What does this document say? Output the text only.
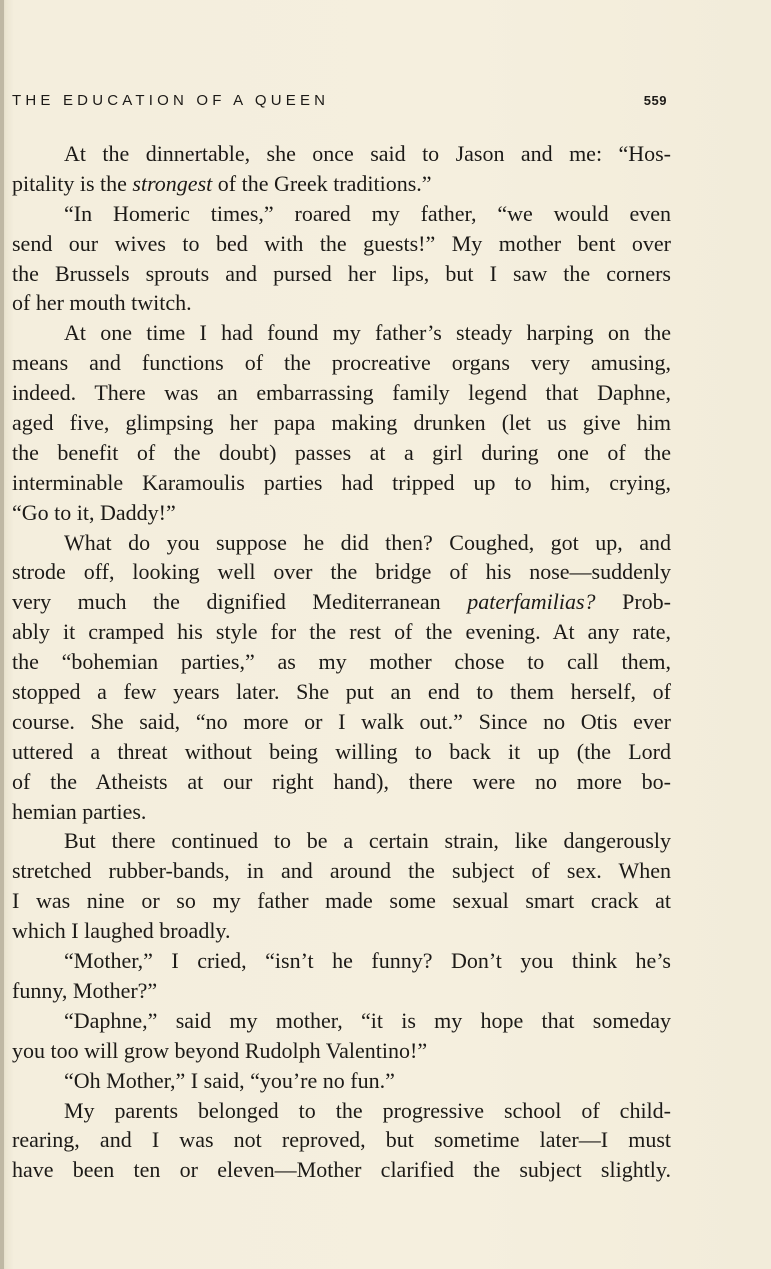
THE EDUCATION OF A QUEEN	559
At the dinnertable, she once said to Jason and me: “Hos-
pitality is the strongest of the Greek traditions.”
“In Homeric times,” roared my father, “we would even
send our wives to bed with the guests!” My mother bent over
the Brussels sprouts and pursed her lips, but I saw the corners
of her mouth twitch.
At one time I had found my father’s steady harping on the
means and functions of the procreative organs very amusing,
indeed. There was an embarrassing family legend that Daphne,
aged five, glimpsing her papa making drunken (let us give him
the benefit of the doubt) passes at a girl during one of the
interminable Karamoulis parties had tripped up to him, crying,
“Go to it, Daddy!”
What do you suppose he did then? Coughed, got up, and
strode off, looking well over the bridge of his nose—suddenly
very much the dignified Mediterranean paterfamilias? Prob-
ably it cramped his style for the rest of the evening. At any rate,
the “bohemian parties,” as my mother chose to call them,
stopped a few years later. She put an end to them herself, of
course. She said, “no more or I walk out.” Since no Otis ever
uttered a threat without being willing to back it up (the Lord
of the Atheists at our right hand), there were no more bo-
hemian parties.
But there continued to be a certain strain, like dangerously
stretched rubber-bands, in and around the subject of sex. When
I was nine or so my father made some sexual smart crack at
which I laughed broadly.
“Mother,” I cried, “isn’t he funny? Don’t you think he’s
funny, Mother?”
“Daphne,” said my mother, “it is my hope that someday
you too will grow beyond Rudolph Valentino!”
“Oh Mother,” I said, “you’re no fun.”
My parents belonged to the progressive school of child-
rearing, and I was not reproved, but sometime later—I must
have been ten or eleven—Mother clarified the subject slightly.
